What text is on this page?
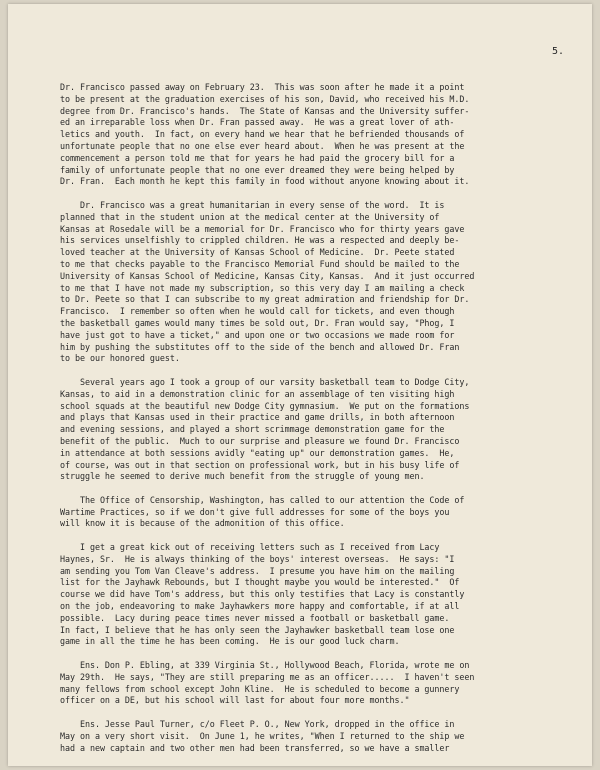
5.
Dr. Francisco passed away on February 23.  This was soon after he made it a point
to be present at the graduation exercises of his son, David, who received his M.D.
degree from Dr. Francisco's hands.  The State of Kansas and the University suffer-
ed an irreparable loss when Dr. Fran passed away.  He was a great lover of ath-
letics and youth.  In fact, on every hand we hear that he befriended thousands of
unfortunate people that no one else ever heard about.  When he was present at the
commencement a person told me that for years he had paid the grocery bill for a
family of unfortunate people that no one ever dreamed they were being helped by
Dr. Fran.  Each month he kept this family in food without anyone knowing about it.
Dr. Francisco was a great humanitarian in every sense of the word.  It is
planned that in the student union at the medical center at the University of
Kansas at Rosedale will be a memorial for Dr. Francisco who for thirty years gave
his services unselfishly to crippled children. He was a respected and deeply be-
loved teacher at the University of Kansas School of Medicine.  Dr. Peete stated
to me that checks payable to the Francisco Memorial Fund should be mailed to the
University of Kansas School of Medicine, Kansas City, Kansas.  And it just occurred
to me that I have not made my subscription, so this very day I am mailing a check
to Dr. Peete so that I can subscribe to my great admiration and friendship for Dr.
Francisco.  I remember so often when he would call for tickets, and even though
the basketball games would many times be sold out, Dr. Fran would say, "Phog, I
have just got to have a ticket," and upon one or two occasions we made room for
him by pushing the substitutes off to the side of the bench and allowed Dr. Fran
to be our honored guest.
Several years ago I took a group of our varsity basketball team to Dodge City,
Kansas, to aid in a demonstration clinic for an assemblage of ten visiting high
school squads at the beautiful new Dodge City gymnasium.  We put on the formations
and plays that Kansas used in their practice and game drills, in both afternoon
and evening sessions, and played a short scrimmage demonstration game for the
benefit of the public.  Much to our surprise and pleasure we found Dr. Francisco
in attendance at both sessions avidly "eating up" our demonstration games.  He,
of course, was out in that section on professional work, but in his busy life of
struggle he seemed to derive much benefit from the struggle of young men.
The Office of Censorship, Washington, has called to our attention the Code of
Wartime Practices, so if we don't give full addresses for some of the boys you
will know it is because of the admonition of this office.
I get a great kick out of receiving letters such as I received from Lacy
Haynes, Sr.  He is always thinking of the boys' interest overseas.  He says: "I
am sending you Tom Van Cleave's address.  I presume you have him on the mailing
list for the Jayhawk Rebounds, but I thought maybe you would be interested."  Of
course we did have Tom's address, but this only testifies that Lacy is constantly
on the job, endeavoring to make Jayhawkers more happy and comfortable, if at all
possible.  Lacy during peace times never missed a football or basketball game.
In fact, I believe that he has only seen the Jayhawker basketball team lose one
game in all the time he has been coming.  He is our good luck charm.
Ens. Don P. Ebling, at 339 Virginia St., Hollywood Beach, Florida, wrote me on
May 29th.  He says, "They are still preparing me as an officer.....  I haven't seen
many fellows from school except John Kline.  He is scheduled to become a gunnery
officer on a DE, but his school will last for about four more months."
Ens. Jesse Paul Turner, c/o Fleet P. O., New York, dropped in the office in
May on a very short visit.  On June 1, he writes, "When I returned to the ship we
had a new captain and two other men had been transferred, so we have a smaller
